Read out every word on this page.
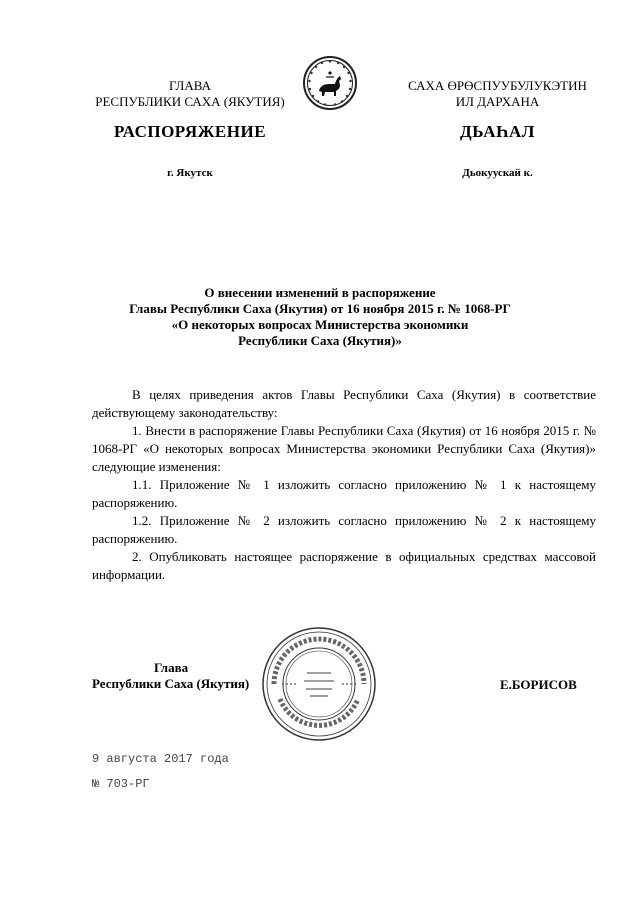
ГЛАВА
РЕСПУБЛИКИ САХА (ЯКУТИЯ)
САХА ӨРӨСПУУБУЛУКЭТИН
ИЛ ДАРХАНА
РАСПОРЯЖЕНИЕ	ДЬАҺАЛ
г. Якутск	Дьокуускай к.
О внесении изменений в распоряжение
Главы Республики Саха (Якутия) от 16 ноября 2015 г. № 1068-РГ
«О некоторых вопросах Министерства экономики
Республики Саха (Якутия)»

В целях приведения актов Главы Республики Саха (Якутия) в соответствие действующему законодательству:

1. Внести в распоряжение Главы Республики Саха (Якутия) от 16 ноября 2015 г. № 1068-РГ «О некоторых вопросах Министерства экономики Республики Саха (Якутия)» следующие изменения:

1.1. Приложение № 1 изложить согласно приложению № 1 к настоящему распоряжению.

1.2. Приложение № 2 изложить согласно приложению № 2 к настоящему распоряжению.

2. Опубликовать настоящее распоряжение в официальных средствах массовой информации.

Глава
Республики Саха (Якутия)	Е.БОРИСОВ
9 августа 2017 года
№ 703-РГ
